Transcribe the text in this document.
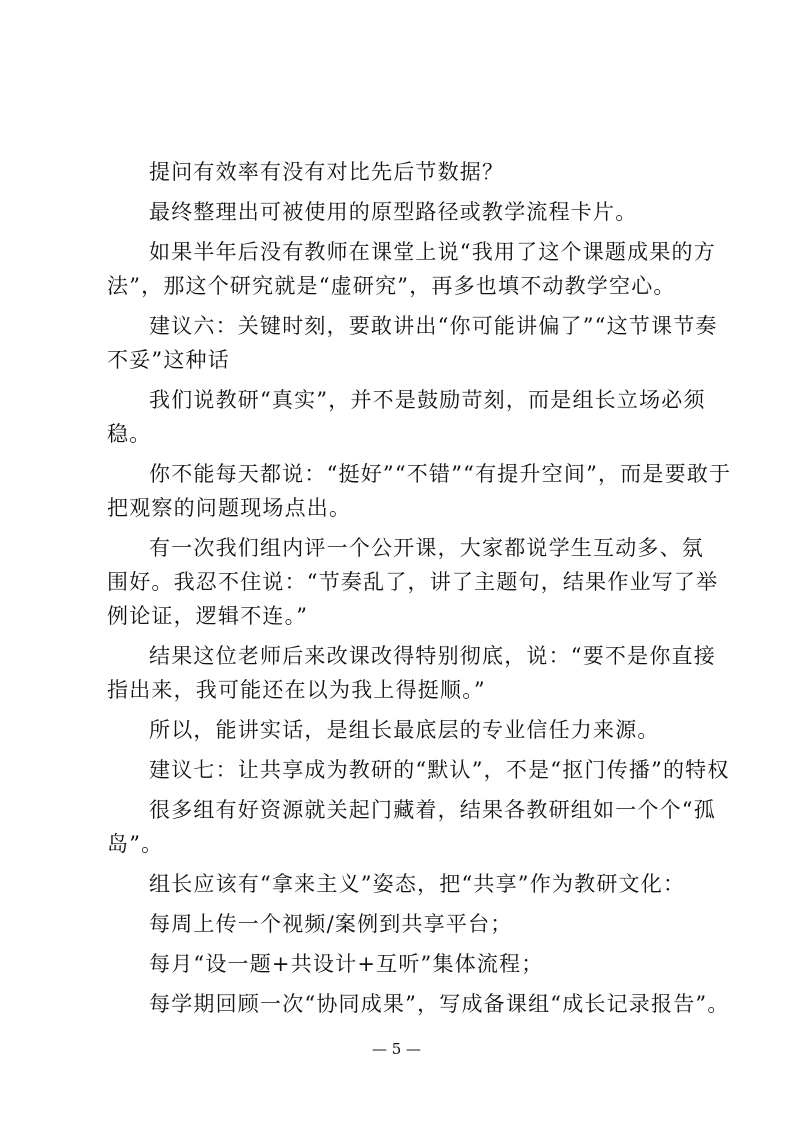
提问有效率有没有对比先后节数据？
最终整理出可被使用的原型路径或教学流程卡片。
如果半年后没有教师在课堂上说“我用了这个课题成果的方
法”，那这个研究就是“虚研究”，再多也填不动教学空心。
建议六：关键时刻，要敢讲出“你可能讲偏了”“这节课节奏
不妥”这种话
我们说教研“真实”，并不是鼓励苛刻，而是组长立场必须
稳。
你不能每天都说：“挺好”“不错”“有提升空间”，而是要敢于
把观察的问题现场点出。
有一次我们组内评一个公开课，大家都说学生互动多、氛
围好。我忍不住说：“节奏乱了，讲了主题句，结果作业写了举
例论证，逻辑不连。”
结果这位老师后来改课改得特别彻底，说：“要不是你直接
指出来，我可能还在以为我上得挺顺。”
所以，能讲实话，是组长最底层的专业信任力来源。
建议七：让共享成为教研的“默认”，不是“抠门传播”的特权
很多组有好资源就关起门藏着，结果各教研组如一个个“孤
岛”。
组长应该有“拿来主义”姿态，把“共享”作为教研文化：
每周上传一个视频/案例到共享平台；
每月“设一题+共设计+互听”集体流程；
每学期回顾一次“协同成果”，写成备课组“成长记录报告”。
— 5 —
